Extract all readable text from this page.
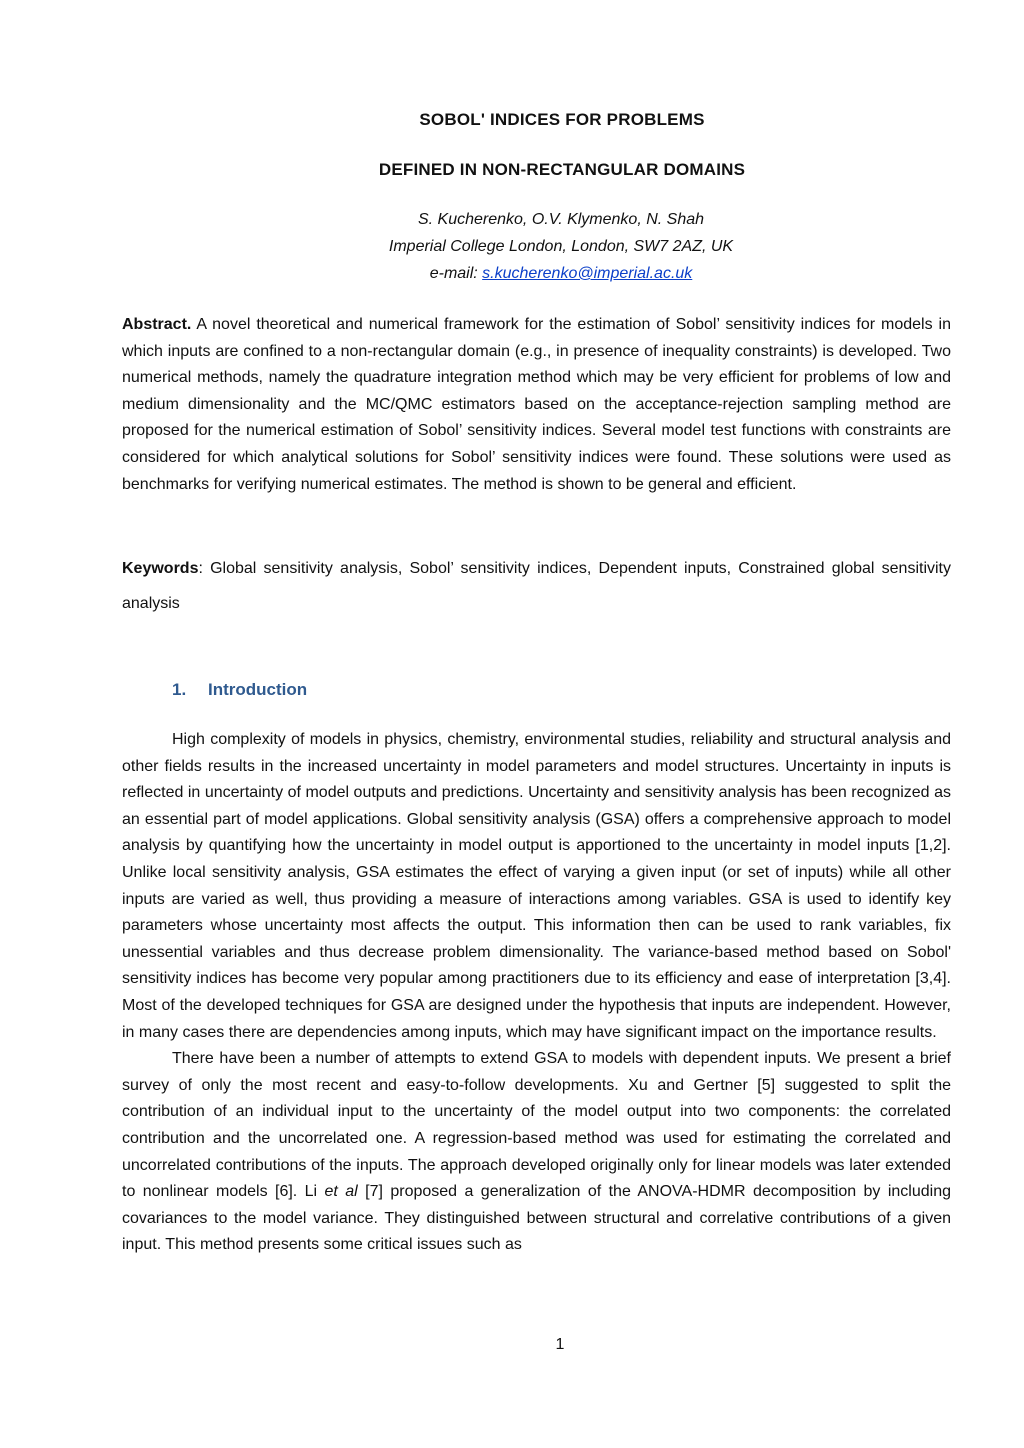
SOBOL' INDICES FOR PROBLEMS
DEFINED IN NON-RECTANGULAR DOMAINS
S. Kucherenko, O.V. Klymenko, N. Shah
Imperial College London, London, SW7 2AZ, UK
e-mail: s.kucherenko@imperial.ac.uk

Abstract. A novel theoretical and numerical framework for the estimation of Sobol’ sensitivity indices for models in which inputs are confined to a non-rectangular domain (e.g., in presence of inequality constraints) is developed. Two numerical methods, namely the quadrature integration method which may be very efficient for problems of low and medium dimensionality and the MC/QMC estimators based on the acceptance-rejection sampling method are proposed for the numerical estimation of Sobol’ sensitivity indices. Several model test functions with constraints are considered for which analytical solutions for Sobol’ sensitivity indices were found. These solutions were used as benchmarks for verifying numerical estimates. The method is shown to be general and efficient.

Keywords: Global sensitivity analysis, Sobol’ sensitivity indices, Dependent inputs, Constrained global sensitivity analysis

1. Introduction

High complexity of models in physics, chemistry, environmental studies, reliability and structural analysis and other fields results in the increased uncertainty in model parameters and model structures. Uncertainty in inputs is reflected in uncertainty of model outputs and predictions. Uncertainty and sensitivity analysis has been recognized as an essential part of model applications. Global sensitivity analysis (GSA) offers a comprehensive approach to model analysis by quantifying how the uncertainty in model output is apportioned to the uncertainty in model inputs [1,2]. Unlike local sensitivity analysis, GSA estimates the effect of varying a given input (or set of inputs) while all other inputs are varied as well, thus providing a measure of interactions among variables. GSA is used to identify key parameters whose uncertainty most affects the output. This information then can be used to rank variables, fix unessential variables and thus decrease problem dimensionality. The variance-based method based on Sobol' sensitivity indices has become very popular among practitioners due to its efficiency and ease of interpretation [3,4]. Most of the developed techniques for GSA are designed under the hypothesis that inputs are independent. However, in many cases there are dependencies among inputs, which may have significant impact on the importance results.

There have been a number of attempts to extend GSA to models with dependent inputs. We present a brief survey of only the most recent and easy-to-follow developments. Xu and Gertner [5] suggested to split the contribution of an individual input to the uncertainty of the model output into two components: the correlated contribution and the uncorrelated one. A regression-based method was used for estimating the correlated and uncorrelated contributions of the inputs. The approach developed originally only for linear models was later extended to nonlinear models [6]. Li et al [7] proposed a generalization of the ANOVA-HDMR decomposition by including covariances to the model variance. They distinguished between structural and correlative contributions of a given input. This method presents some critical issues such as

1
